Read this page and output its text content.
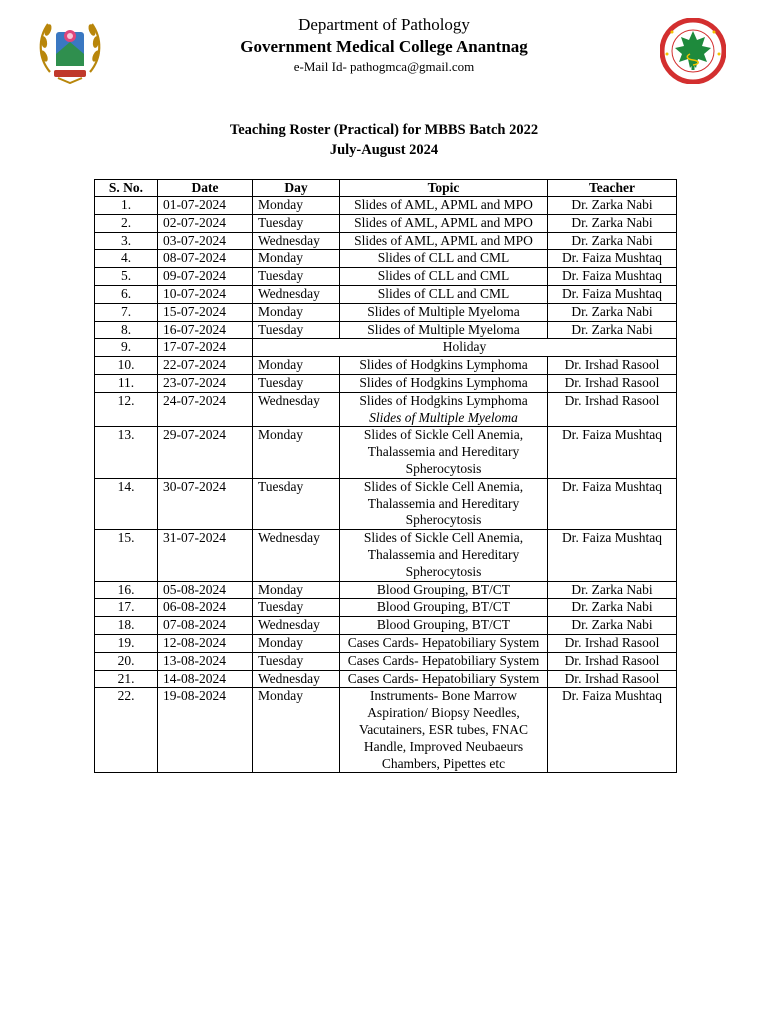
Department of Pathology
Government Medical College Anantnag
e-Mail Id- pathogmca@gmail.com
Teaching Roster (Practical) for MBBS Batch 2022
July-August 2024
S. No.	Date	Day	Topic	Teacher
1.	01-07-2024	Monday	Slides of AML, APML and MPO	Dr. Zarka Nabi
2.	02-07-2024	Tuesday	Slides of AML, APML and MPO	Dr. Zarka Nabi
3.	03-07-2024	Wednesday	Slides of AML, APML and MPO	Dr. Zarka Nabi
4.	08-07-2024	Monday	Slides of CLL and CML	Dr. Faiza Mushtaq
5.	09-07-2024	Tuesday	Slides of CLL and CML	Dr. Faiza Mushtaq
6.	10-07-2024	Wednesday	Slides of CLL and CML	Dr. Faiza Mushtaq
7.	15-07-2024	Monday	Slides of Multiple Myeloma	Dr. Zarka Nabi
8.	16-07-2024	Tuesday	Slides of Multiple Myeloma	Dr. Zarka Nabi
9.	17-07-2024	Holiday		
10.	22-07-2024	Monday	Slides of Hodgkins Lymphoma	Dr. Irshad Rasool
11.	23-07-2024	Tuesday	Slides of Hodgkins Lymphoma	Dr. Irshad Rasool
12.	24-07-2024	Wednesday	Slides of Hodgkins Lymphoma
Slides of Multiple Myeloma	Dr. Irshad Rasool
13.	29-07-2024	Monday	Slides of Sickle Cell Anemia, Thalassemia and Hereditary Spherocytosis	Dr. Faiza Mushtaq
14.	30-07-2024	Tuesday	Slides of Sickle Cell Anemia, Thalassemia and Hereditary Spherocytosis	Dr. Faiza Mushtaq
15.	31-07-2024	Wednesday	Slides of Sickle Cell Anemia, Thalassemia and Hereditary Spherocytosis	Dr. Faiza Mushtaq
16.	05-08-2024	Monday	Blood Grouping, BT/CT	Dr. Zarka Nabi
17.	06-08-2024	Tuesday	Blood Grouping, BT/CT	Dr. Zarka Nabi
18.	07-08-2024	Wednesday	Blood Grouping, BT/CT	Dr. Zarka Nabi
19.	12-08-2024	Monday	Cases Cards- Hepatobiliary System	Dr. Irshad Rasool
20.	13-08-2024	Tuesday	Cases Cards- Hepatobiliary System	Dr. Irshad Rasool
21.	14-08-2024	Wednesday	Cases Cards- Hepatobiliary System	Dr. Irshad Rasool
22.	19-08-2024	Monday	Instruments- Bone Marrow Aspiration/ Biopsy Needles, Vacutainers, ESR tubes, FNAC Handle, Improved Neubaeurs Chambers, Pipettes etc	Dr. Faiza Mushtaq
